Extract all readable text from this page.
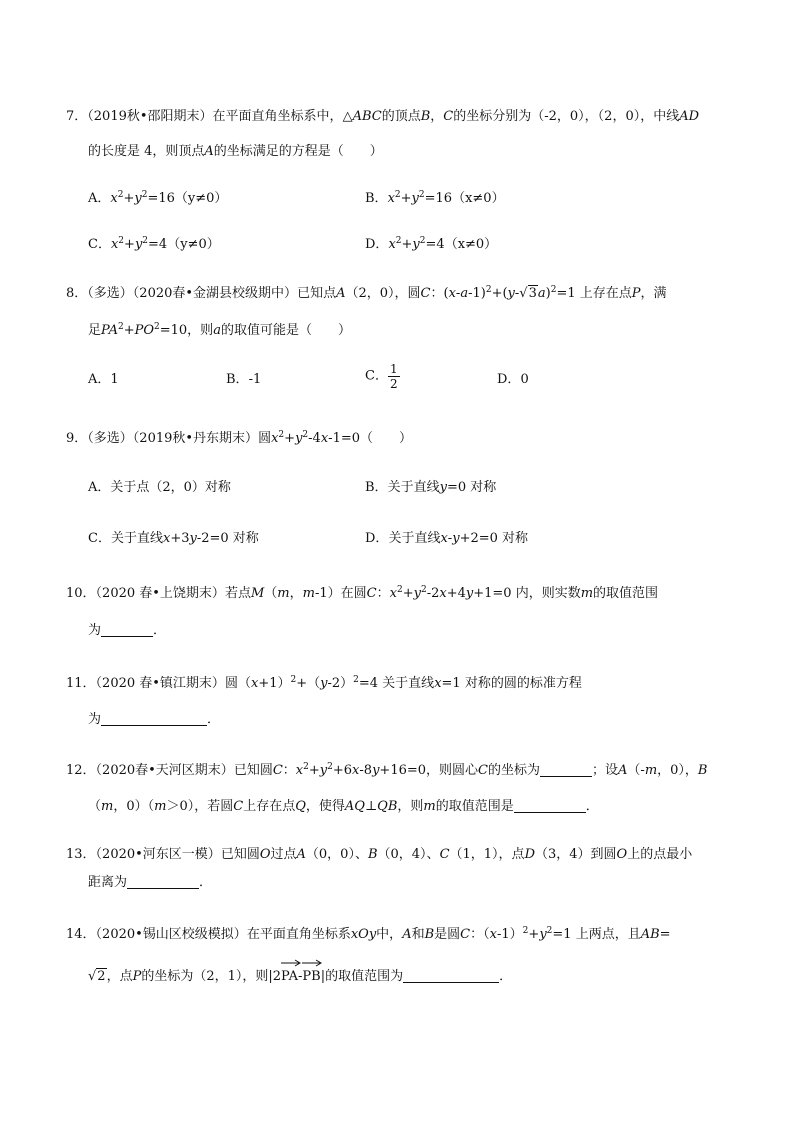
7．（2019秋•邵阳期末）在平面直角坐标系中，△ABC的顶点B，C的坐标分别为（-2，0），（2，0），中线AD
的长度是 4，则顶点A的坐标满足的方程是（　　）
A．$x^2+y^2=16(y\ne 0)$	B．$x^2+y^2=16(x\ne 0)$
C．$x^2+y^2=4(y\ne 0)$	D．$x^2+y^2=4(x\ne 0)$
8．（多选）（2020春•金湖县校级期中）已知点A（2，0），圆C：$(x-a-1)^2+(y-√3a)^2=1$ 上存在点P，满
足$PA^2+PO^2=10$，则a的取值可能是（　　）
A．1	B．-1	C． $\frac{1}{2}$	D．0
9．（多选）（2019秋•丹东期末）圆$x^2+y^2-4x-1=0$（　　）
A．关于点（2，0）对称	B．关于直线y=0 对称
C．关于直线x+3y-2=0 对称	D．关于直线x-y+2=0 对称
10．（2020 春•上饶期末）若点M（m，m-1）在圆C：$x^2+y^2-2x+4y+1=0$ 内，则实数m的取值范围
为	．
11．（2020 春•镇江期末）圆$(x+1)^2+(y-2)^2=4$ 关于直线x=1 对称的圆的标准方程
为	．
12．（2020春•天河区期末）已知圆C：$x^2+y^2+6x-8y+16=0$，则圆心C的坐标为	；设A（-m，0），B
（m，0）（m＞0），若圆C上存在点Q，使得AQ⊥QB，则m的取值范围是	．
13．（2020•河东区一模）已知圆O过点A（0，0）、B（0，4）、C（1，1），点D（3，4）到圆O上的点最小
距离为	．
14．（2020•锡山区校级模拟）在平面直角坐标系xOy中，A和B是圆C：$(x-1)^2+y^2=1$ 上两点，且AB=
√2，点P的坐标为（2，1），则|2
PA-
PB|的取值范围为	．
